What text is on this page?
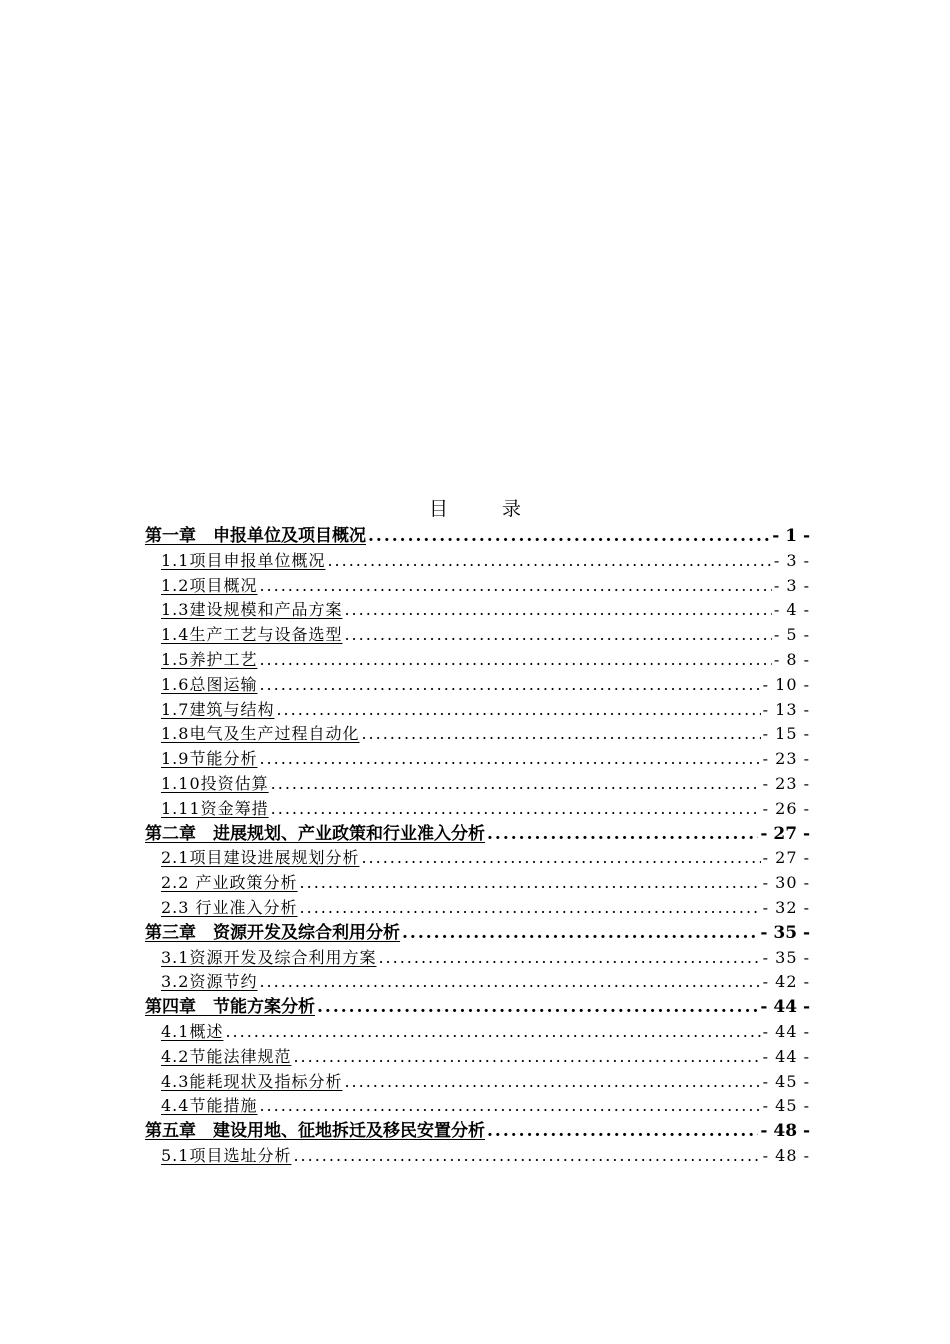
目 录
第一章　申报单位及项目概况 .....	- 1 -
1.1项目申报单位概况 .....	- 3 -
1.2项目概况 .....	- 3 -
1.3建设规模和产品方案 .....	- 4 -
1.4生产工艺与设备选型 .....	- 5 -
1.5养护工艺 .....	- 8 -
1.6总图运输 .....	- 10 -
1.7建筑与结构 .....	- 13 -
1.8电气及生产过程自动化 .....	- 15 -
1.9节能分析 .....	- 23 -
1.10投资估算 .....	- 23 -
1.11资金筹措 .....	- 26 -
第二章　进展规划、产业政策和行业准入分析 .....	- 27 -
2.1项目建设进展规划分析 .....	- 27 -
2.2 产业政策分析 .....	- 30 -
2.3 行业准入分析 .....	- 32 -
第三章　资源开发及综合利用分析 .....	- 35 -
3.1资源开发及综合利用方案 .....	- 35 -
3.2资源节约 .....	- 42 -
第四章　节能方案分析 .....	- 44 -
4.1概述 .....	- 44 -
4.2节能法律规范 .....	- 44 -
4.3能耗现状及指标分析 .....	- 45 -
4.4节能措施 .....	- 45 -
第五章　建设用地、征地拆迁及移民安置分析 .....	- 48 -
5.1项目选址分析 .....	- 48 -
